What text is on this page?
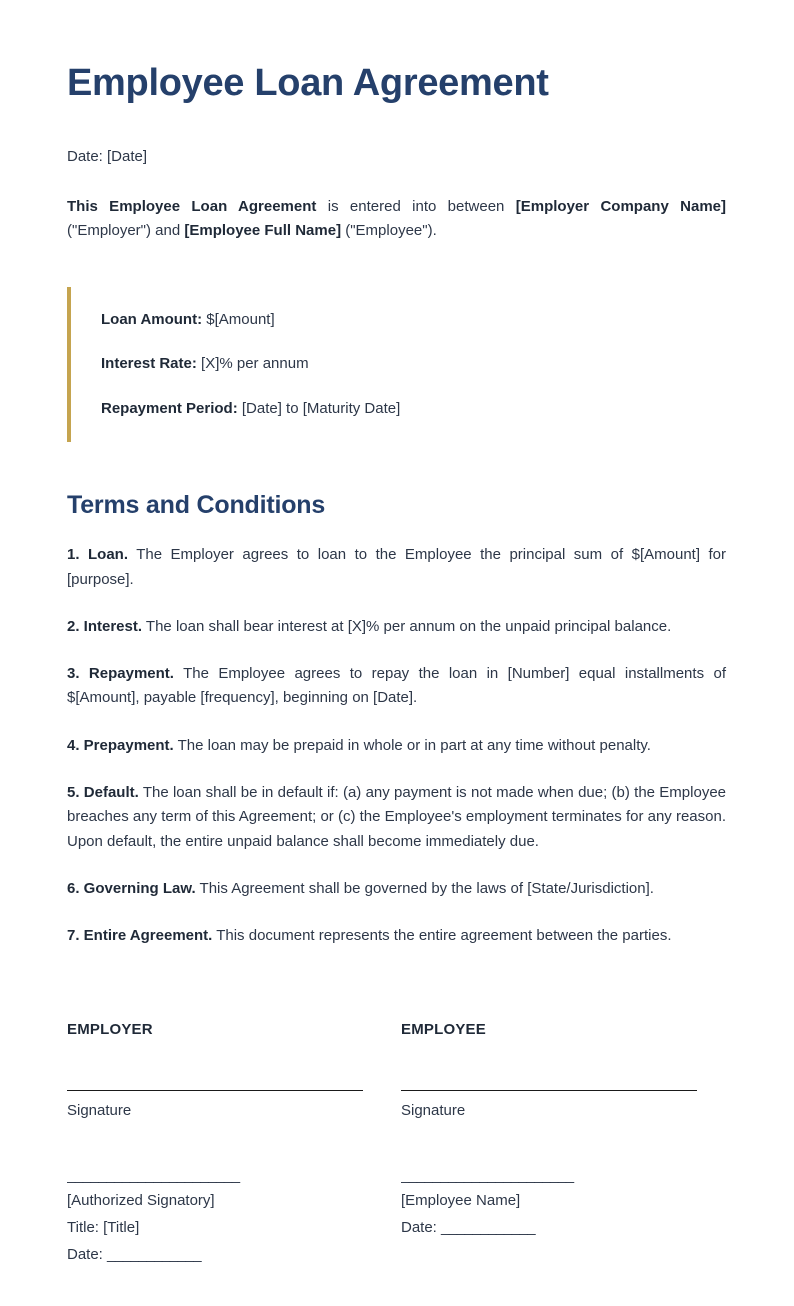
Employee Loan Agreement

Date: [Date]

This Employee Loan Agreement is entered into between [Employer Company Name] ("Employer") and [Employee Full Name] ("Employee").

Loan Amount: $[Amount]

Interest Rate: [X]% per annum

Repayment Period: [Date] to [Maturity Date]

Terms and Conditions

1. Loan. The Employer agrees to loan to the Employee the principal sum of $[Amount] for [purpose].

2. Interest. The loan shall bear interest at [X]% per annum on the unpaid principal balance.

3. Repayment. The Employee agrees to repay the loan in [Number] equal installments of $[Amount], payable [frequency], beginning on [Date].

4. Prepayment. The loan may be prepaid in whole or in part at any time without penalty.

5. Default. The loan shall be in default if: (a) any payment is not made when due; (b) the Employee breaches any term of this Agreement; or (c) the Employee's employment terminates for any reason. Upon default, the entire unpaid balance shall become immediately due.

6. Governing Law. This Agreement shall be governed by the laws of [State/Jurisdiction].

7. Entire Agreement. This document represents the entire agreement between the parties.

EMPLOYER

Signature

______________________

[Authorized Signatory]

Title: [Title]

Date: ____________

EMPLOYEE

Signature

______________________

[Employee Name]

Date: ____________
